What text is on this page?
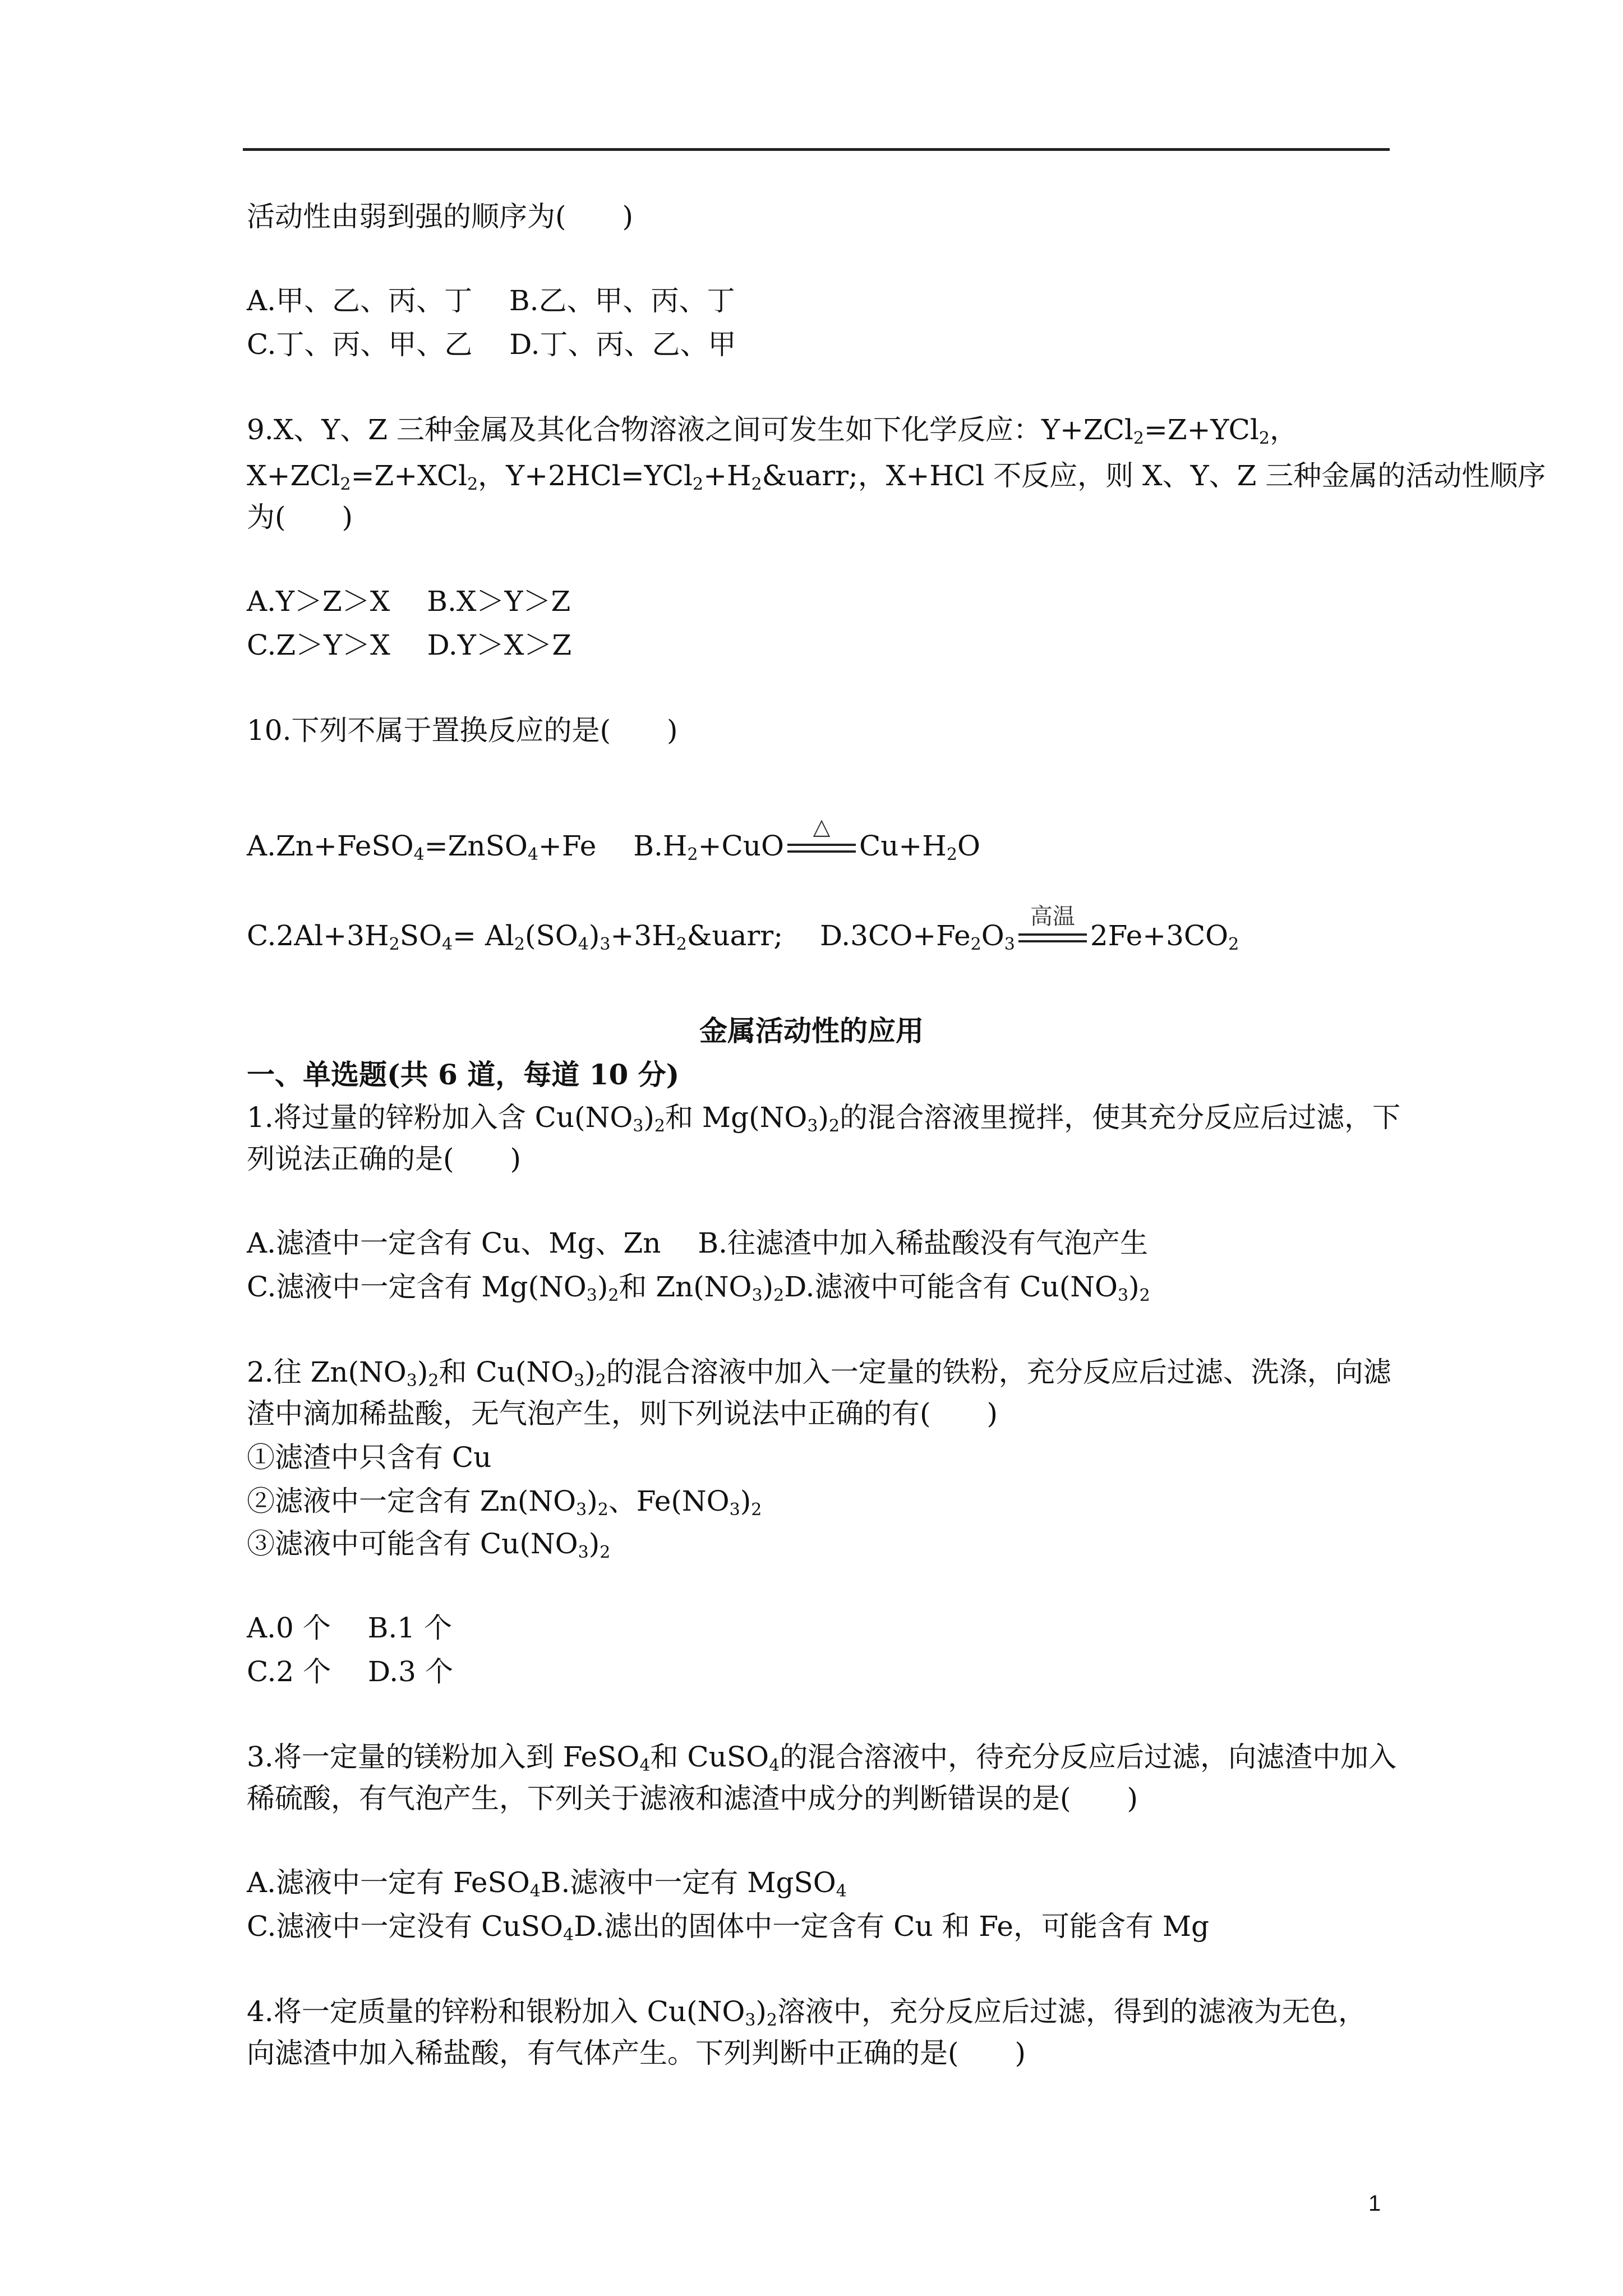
活动性由弱到强的顺序为(　　)
A.甲、乙、丙、丁　 B.乙、甲、丙、丁
C.丁、丙、甲、乙　 D.丁、丙、乙、甲
9.X、Y、Z 三种金属及其化合物溶液之间可发生如下化学反应：Y+ZCl$_2$=Z+YCl$_2$，
X+ZCl$_2$=Z+XCl$_2$，$Y+2HCl=YCl_2+H_2\&uarr$;，X+HCl 不反应，则 X、Y、Z 三种金属的活动性顺序
为(　　)
A.Y＞Z＞X　 B.X＞Y＞Z
C.Z＞Y＞X　 D.Y＞X＞Z
10.下列不属于置换反应的是(　　)
A.Zn+FeSO$_4$=ZnSO$_4$+Fe　 $B.H_2+CuO$
△
$Cu+H_2O$
$C.2Al+3H_2SO_4=$ $Al_2(SO_4)_3+3H_2\&uarr$;　 $D.3CO+Fe_2O_3$
高温
$2Fe+3CO_2$
金属活动性的应用
一、单选题(共 6 道，每道 10 分)
1.将过量的锌粉加入含 $Cu(NO_3)_2$和 $Mg(NO_3)_2$的混合溶液里搅拌，使其充分反应后过滤，下
列说法正确的是(　　)
A.滤渣中一定含有 Cu、Mg、Zn　 B.往滤渣中加入稀盐酸没有气泡产生
C.滤液中一定含有 $Mg(NO_3)_2$和 $Zn(NO_3)_2D$.滤液中可能含有 $Cu(NO_3)_2$
2.往 $Zn(NO_3)_2$和 $Cu(NO_3)_2$的混合溶液中加入一定量的铁粉，充分反应后过滤、洗涤，向滤
渣中滴加稀盐酸，无气泡产生，则下列说法中正确的有(　　)
①滤渣中只含有 Cu
②滤液中一定含有 $Zn(NO_3)_2$、$Fe(NO_3)_2$
③滤液中可能含有 $Cu(NO_3)_2$
A.0 个　 B.1 个
C.2 个　 D.3 个
3.将一定量的镁粉加入到 FeSO$_4$和 CuSO$_4$的混合溶液中，待充分反应后过滤，向滤渣中加入
稀硫酸，有气泡产生，下列关于滤液和滤渣中成分的判断错误的是(　　)
A.滤液中一定有 FeSO$_4$B.滤液中一定有 MgSO$_4$
C.滤液中一定没有 CuSO$_4$D.滤出的固体中一定含有 Cu 和 Fe，可能含有 Mg
4.将一定质量的锌粉和银粉加入 $Cu(NO_3)_2$溶液中，充分反应后过滤，得到的滤液为无色，
向滤渣中加入稀盐酸，有气体产生。下列判断中正确的是(　　)
1
